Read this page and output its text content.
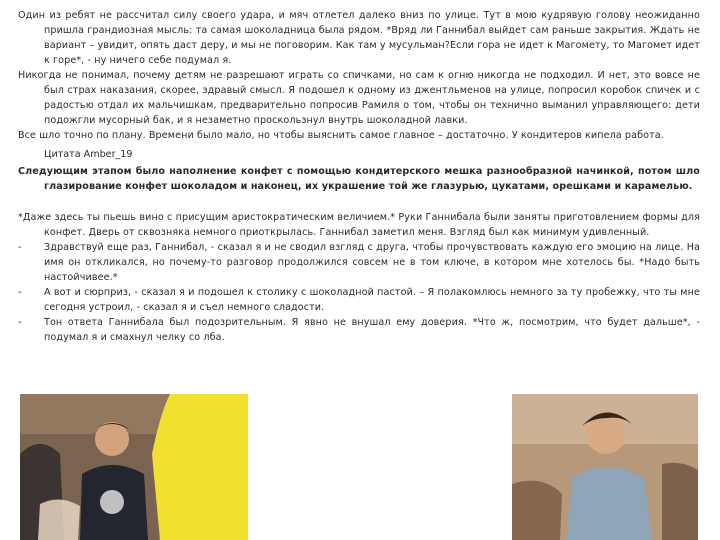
Один из ребят не рассчитал силу своего удара, и мяч отлетел далеко вниз по улице. Тут в мою кудрявую голову неожиданно пришла грандиозная мысль: та самая шоколадница была рядом. *Вряд ли Ганнибал выйдет сам раньше закрытия. Ждать не вариант – увидит, опять даст деру, и мы не поговорим. Как там у мусульман?Если гора не идет к Магомету, то Магомет идет к горе*, - ну ничего себе подумал я.

Никогда не понимал, почему детям не разрешают играть со спичками, но сам к огню никогда не подходил. И нет, это вовсе не был страх наказания, скорее, здравый смысл. Я подошел к одному из джентльменов на улице, попросил коробок спичек и с радостью отдал их мальчишкам, предварительно попросив Рамиля о том, чтобы он технично выманил управляющего: дети подожгли мусорный бак, и я незаметно проскользнул внутрь шоколадной лавки.

Все шло точно по плану. Времени было мало, но чтобы выяснить самое главное – достаточно. У кондитеров кипела работа.

Цитата Amber_19

Следующим этапом было наполнение конфет с помощью кондитерского мешка разнообразной начинкой, потом шло глазирование конфет шоколадом и наконец, их украшение той же глазурью, цукатами, орешками и карамелью.

*Даже здесь ты пьешь вино с присущим аристократическим величием.* Руки Ганнибала были заняты приготовлением формы для конфет. Дверь от сквозняка немного приоткрылась. Ганнибал заметил меня. Взгляд был как минимум удивленный.

- Здравствуй еще раз, Ганнибал, - сказал я и не сводил взгляд с друга, чтобы прочувствовать каждую его эмоцию на лице. На имя он откликался, но почему-то разговор продолжился совсем не в том ключе, в котором мне хотелось бы. *Надо быть настойчивее.*

- А вот и сюрприз, - сказал я и подошел к столику с шоколадной пастой. – Я полакомлюсь немного за ту пробежку, что ты мне сегодня устроил, - сказал я и съел немного сладости.

- Тон ответа Ганнибала был подозрительным. Я явно не внушал ему доверия. *Что ж, посмотрим, что будет дальше*, - подумал я и смахнул челку со лба.
